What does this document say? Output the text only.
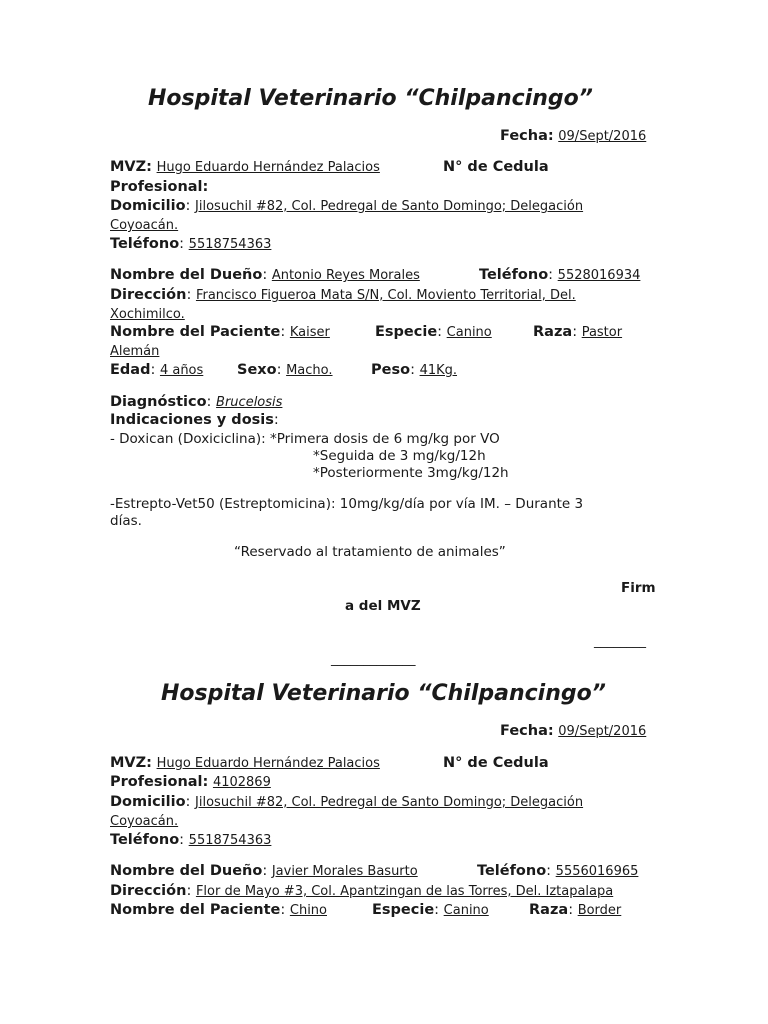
Hospital Veterinario “Chilpancingo”
Fecha: 09/Sept/2016
MVZ: Hugo Eduardo Hernández Palacios	N° de Cedula
Profesional:
Domicilio: Jilosuchil #82, Col. Pedregal de Santo Domingo; Delegación
Coyoacán.
Teléfono: 5518754363
Nombre del Dueño: Antonio Reyes Morales	Teléfono: 5528016934
Dirección: Francisco Figueroa Mata S/N, Col. Moviento Territorial, Del.
Xochimilco.
Nombre del Paciente: Kaiser	Especie: Canino	Raza: Pastor
Alemán
Edad: 4 años Sexo: Macho.	Peso: 41Kg.
Diagnóstico: Brucelosis
Indicaciones y dosis:
- Doxican (Doxiciclina): *Primera dosis de 6 mg/kg por VO
*Seguida de 3 mg/kg/12h
*Posteriormente 3mg/kg/12h
-Estrepto-Vet50 (Estreptomicina): 10mg/kg/día por vía IM. – Durante 3
días.
“Reservado al tratamiento de animales”
Firm
a del MVZ
________
_____________
Hospital Veterinario “Chilpancingo”
Fecha: 09/Sept/2016
MVZ: Hugo Eduardo Hernández Palacios	N° de Cedula
Profesional: 4102869
Domicilio: Jilosuchil #82, Col. Pedregal de Santo Domingo; Delegación
Coyoacán.
Teléfono: 5518754363
Nombre del Dueño: Javier Morales Basurto	Teléfono: 5556016965
Dirección: Flor de Mayo #3, Col. Apantzingan de las Torres, Del. Iztapalapa
Nombre del Paciente: Chino	Especie: Canino	Raza: Border
